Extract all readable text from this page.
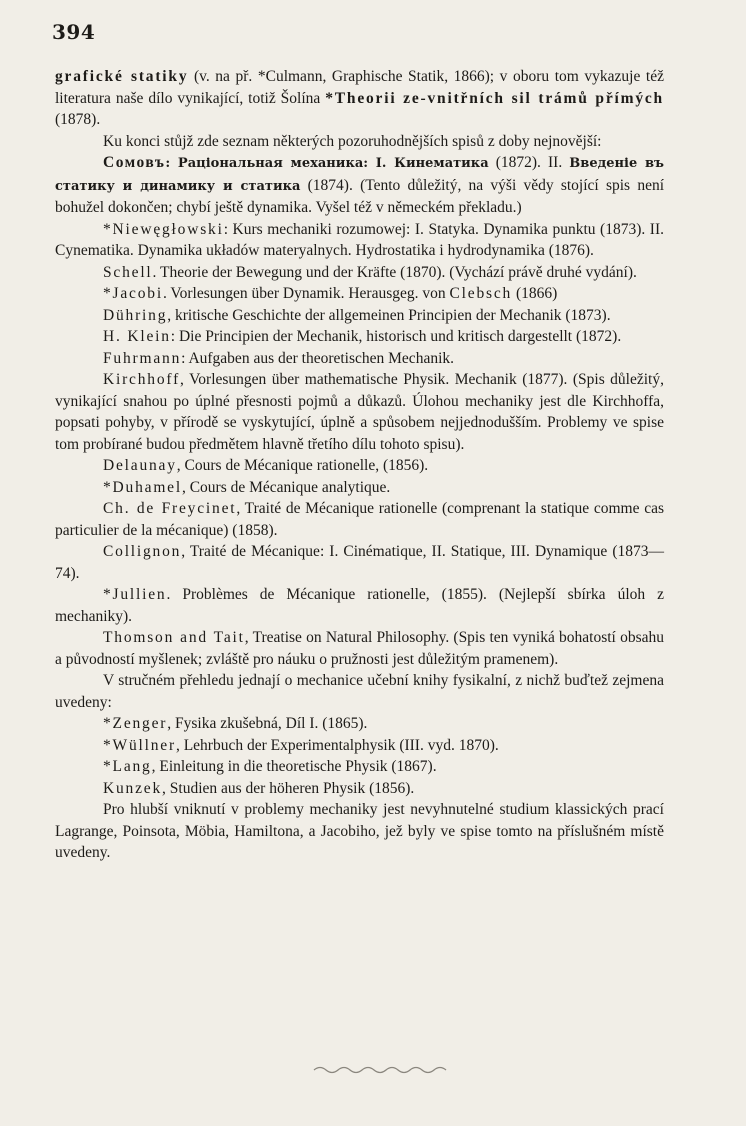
394

grafické statiky (v. na př. *Culmann, Graphische Statik, 1866); v oboru tom vykazuje též literatura naše dílo vynikající, totiž Šolína *Theorii ze-vnitřních sil trámů přímých (1878).

Ku konci stůjž zde seznam některých pozoruhodnějších spisů z doby nejnovější:

Сомовъ: Раціональная механика: I. Кинематика (1872). II. Введеніе въ статику и динамику и статика (1874). (Tento důležitý, na výši vědy stojící spis není bohužel dokončen; chybí ještě dynamika. Vyšel též v německém překladu.)

*Niewęgłowski: Kurs mechaniki rozumowej: I. Statyka. Dynamika punktu (1873). II. Cynematika. Dynamika układów materyalnych. Hydrostatika i hydrodynamika (1876).

Schell. Theorie der Bewegung und der Kräfte (1870). (Vychází právě druhé vydání).

*Jacobi. Vorlesungen über Dynamik. Herausgeg. von Clebsch (1866)

Dühring, kritische Geschichte der allgemeinen Principien der Mechanik (1873).

H. Klein: Die Principien der Mechanik, historisch und kritisch dargestellt (1872).

Fuhrmann: Aufgaben aus der theoretischen Mechanik.

Kirchhoff, Vorlesungen über mathematische Physik. Mechanik (1877). (Spis důležitý, vynikající snahou po úplné přesnosti pojmů a důkazů. Úlohou mechaniky jest dle Kirchhoffa, popsati pohyby, v přírodě se vyskytující, úplně a spůsobem nejjednodušším. Problemy ve spise tom probírané budou předmětem hlavně třetího dílu tohoto spisu).

Delaunay, Cours de Mécanique rationelle, (1856).

*Duhamel, Cours de Mécanique analytique.

Ch. de Freycinet, Traité de Mécanique rationelle (comprenant la statique comme cas particulier de la mécanique) (1858).

Collignon, Traité de Mécanique: I. Cinématique, II. Statique, III. Dynamique (1873—74).

*Jullien. Problèmes de Mécanique rationelle, (1855). (Nejlepší sbírka úloh z mechaniky).

Thomson and Tait, Treatise on Natural Philosophy. (Spis ten vyniká bohatostí obsahu a původností myšlenek; zvláště pro náuku o pružnosti jest důležitým pramenem).

V stručném přehledu jednají o mechanice učební knihy fysikalní, z nichž buďtež zejmena uvedeny:

*Zenger, Fysika zkušebná, Díl I. (1865).

*Wüllner, Lehrbuch der Experimentalphysik (III. vyd. 1870).

*Lang, Einleitung in die theoretische Physik (1867).

Kunzek, Studien aus der höheren Physik (1856).

Pro hlubší vniknutí v problemy mechaniky jest nevyhnutelné studium klassických prací Lagrange, Poinsota, Möbia, Hamiltona, a Jacobiho, jež byly ve spise tomto na příslušném místě uvedeny.
